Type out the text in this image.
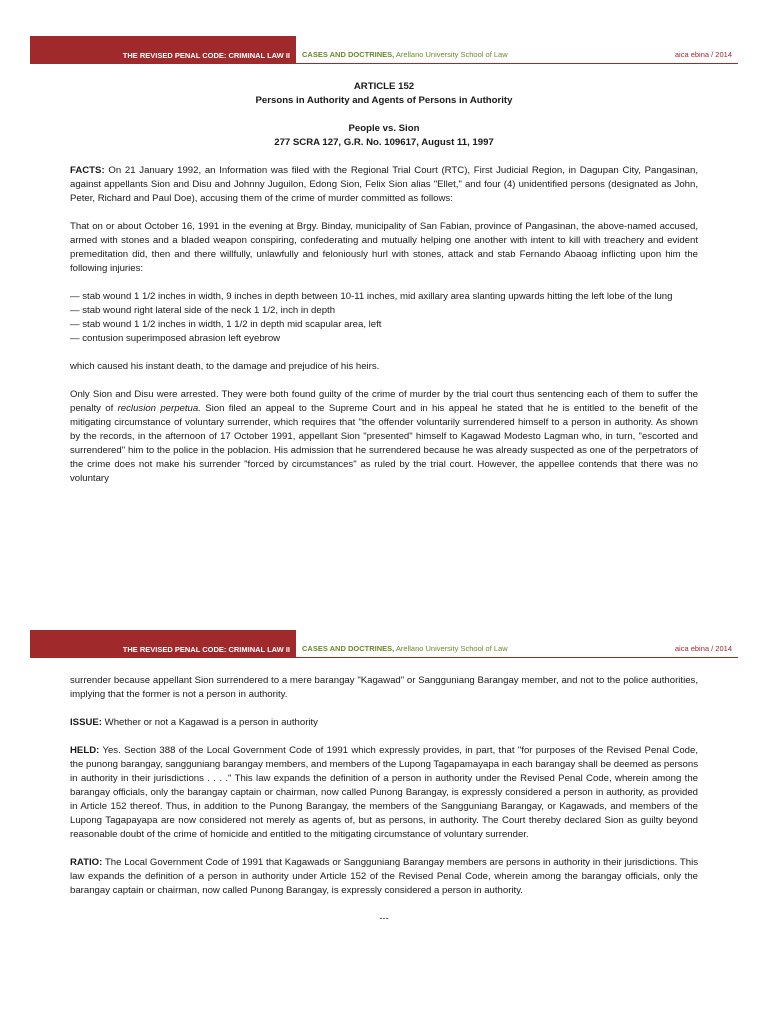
THE REVISED PENAL CODE: CRIMINAL LAW II	CASES AND DOCTRINES, Arellano University School of Law	aica ebina / 2014
ARTICLE 152
Persons in Authority and Agents of Persons in Authority
People vs. Sion
277 SCRA 127, G.R. No. 109617, August 11, 1997

FACTS: On 21 January 1992, an Information was filed with the Regional Trial Court (RTC), First Judicial Region, in Dagupan City, Pangasinan, against appellants Sion and Disu and Johnny Juguilon, Edong Sion, Felix Sion alias "Ellet," and four (4) unidentified persons (designated as John, Peter, Richard and Paul Doe), accusing them of the crime of murder committed as follows:

That on or about October 16, 1991 in the evening at Brgy. Binday, municipality of San Fabian, province of Pangasinan, the above-named accused, armed with stones and a bladed weapon conspiring, confederating and mutually helping one another with intent to kill with treachery and evident premeditation did, then and there willfully, unlawfully and feloniously hurl with stones, attack and stab Fernando Abaoag inflicting upon him the following injuries:

— stab wound 1 1/2 inches in width, 9 inches in depth between 10-11 inches, mid axillary area slanting upwards hitting the left lobe of the lung

— stab wound right lateral side of the neck 1 1/2, inch in depth

— stab wound 1 1/2 inches in width, 1 1/2 in depth mid scapular area, left

— contusion superimposed abrasion left eyebrow

which caused his instant death, to the damage and prejudice of his heirs.

Only Sion and Disu were arrested. They were both found guilty of the crime of murder by the trial court thus sentencing each of them to suffer the penalty of reclusion perpetua. Sion filed an appeal to the Supreme Court and in his appeal he stated that he is entitled to the benefit of the mitigating circumstance of voluntary surrender, which requires that "the offender voluntarily surrendered himself to a person in authority. As shown by the records, in the afternoon of 17 October 1991, appellant Sion "presented" himself to Kagawad Modesto Lagman who, in turn, "escorted and surrendered" him to the police in the poblacion. His admission that he surrendered because he was already suspected as one of the perpetrators of the crime does not make his surrender "forced by circumstances" as ruled by the trial court. However, the appellee contends that there was no voluntary

THE REVISED PENAL CODE: CRIMINAL LAW II	CASES AND DOCTRINES, Arellano University School of Law	aica ebina / 2014

surrender because appellant Sion surrendered to a mere barangay "Kagawad" or Sangguniang Barangay member, and not to the police authorities, implying that the former is not a person in authority.

ISSUE: Whether or not a Kagawad is a person in authority

HELD: Yes. Section 388 of the Local Government Code of 1991 which expressly provides, in part, that "for purposes of the Revised Penal Code, the punong barangay, sangguniang barangay members, and members of the Lupong Tagapamayapa in each barangay shall be deemed as persons in authority in their jurisdictions . . . ." This law expands the definition of a person in authority under the Revised Penal Code, wherein among the barangay officials, only the barangay captain or chairman, now called Punong Barangay, is expressly considered a person in authority, as provided in Article 152 thereof. Thus, in addition to the Punong Barangay, the members of the Sangguniang Barangay, or Kagawads, and members of the Lupong Tagapayapa are now considered not merely as agents of, but as persons, in authority. The Court thereby declared Sion as guilty beyond reasonable doubt of the crime of homicide and entitled to the mitigating circumstance of voluntary surrender.

RATIO: The Local Government Code of 1991 that Kagawads or Sangguniang Barangay members are persons in authority in their jurisdictions. This law expands the definition of a person in authority under Article 152 of the Revised Penal Code, wherein among the barangay officials, only the barangay captain or chairman, now called Punong Barangay, is expressly considered a person in authority.

---
